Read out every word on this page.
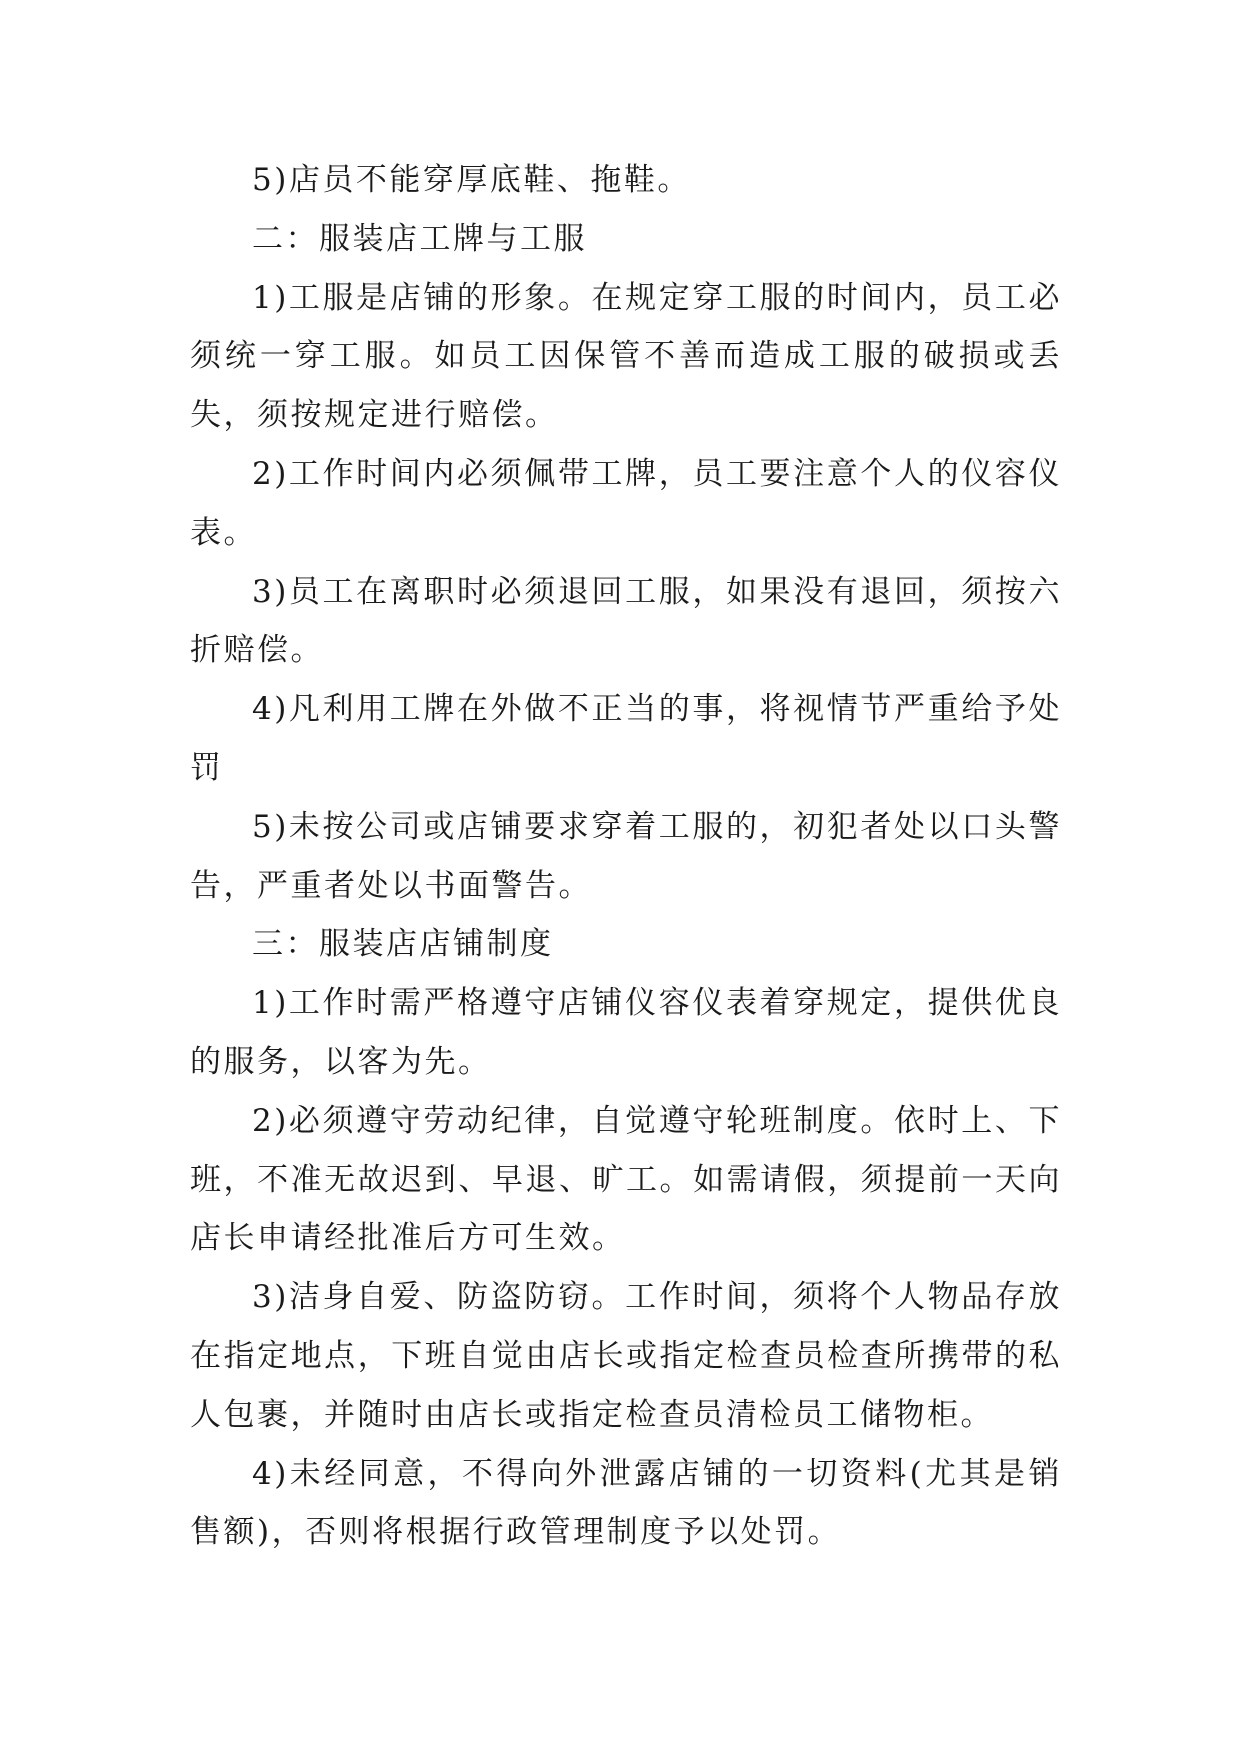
5)店员不能穿厚底鞋、拖鞋。

二：服装店工牌与工服

1)工服是店铺的形象。在规定穿工服的时间内，员工必须统一穿工服。如员工因保管不善而造成工服的破损或丢失，须按规定进行赔偿。

2)工作时间内必须佩带工牌，员工要注意个人的仪容仪表。

3)员工在离职时必须退回工服，如果没有退回，须按六折赔偿。

4)凡利用工牌在外做不正当的事，将视情节严重给予处罚

5)未按公司或店铺要求穿着工服的，初犯者处以口头警告，严重者处以书面警告。

三：服装店店铺制度

1)工作时需严格遵守店铺仪容仪表着穿规定，提供优良的服务，以客为先。

2)必须遵守劳动纪律，自觉遵守轮班制度。依时上、下班，不准无故迟到、早退、旷工。如需请假，须提前一天向店长申请经批准后方可生效。

3)洁身自爱、防盗防窃。工作时间，须将个人物品存放在指定地点，下班自觉由店长或指定检查员检查所携带的私人包裹，并随时由店长或指定检查员清检员工储物柜。

4)未经同意，不得向外泄露店铺的一切资料(尤其是销售额)，否则将根据行政管理制度予以处罚。
